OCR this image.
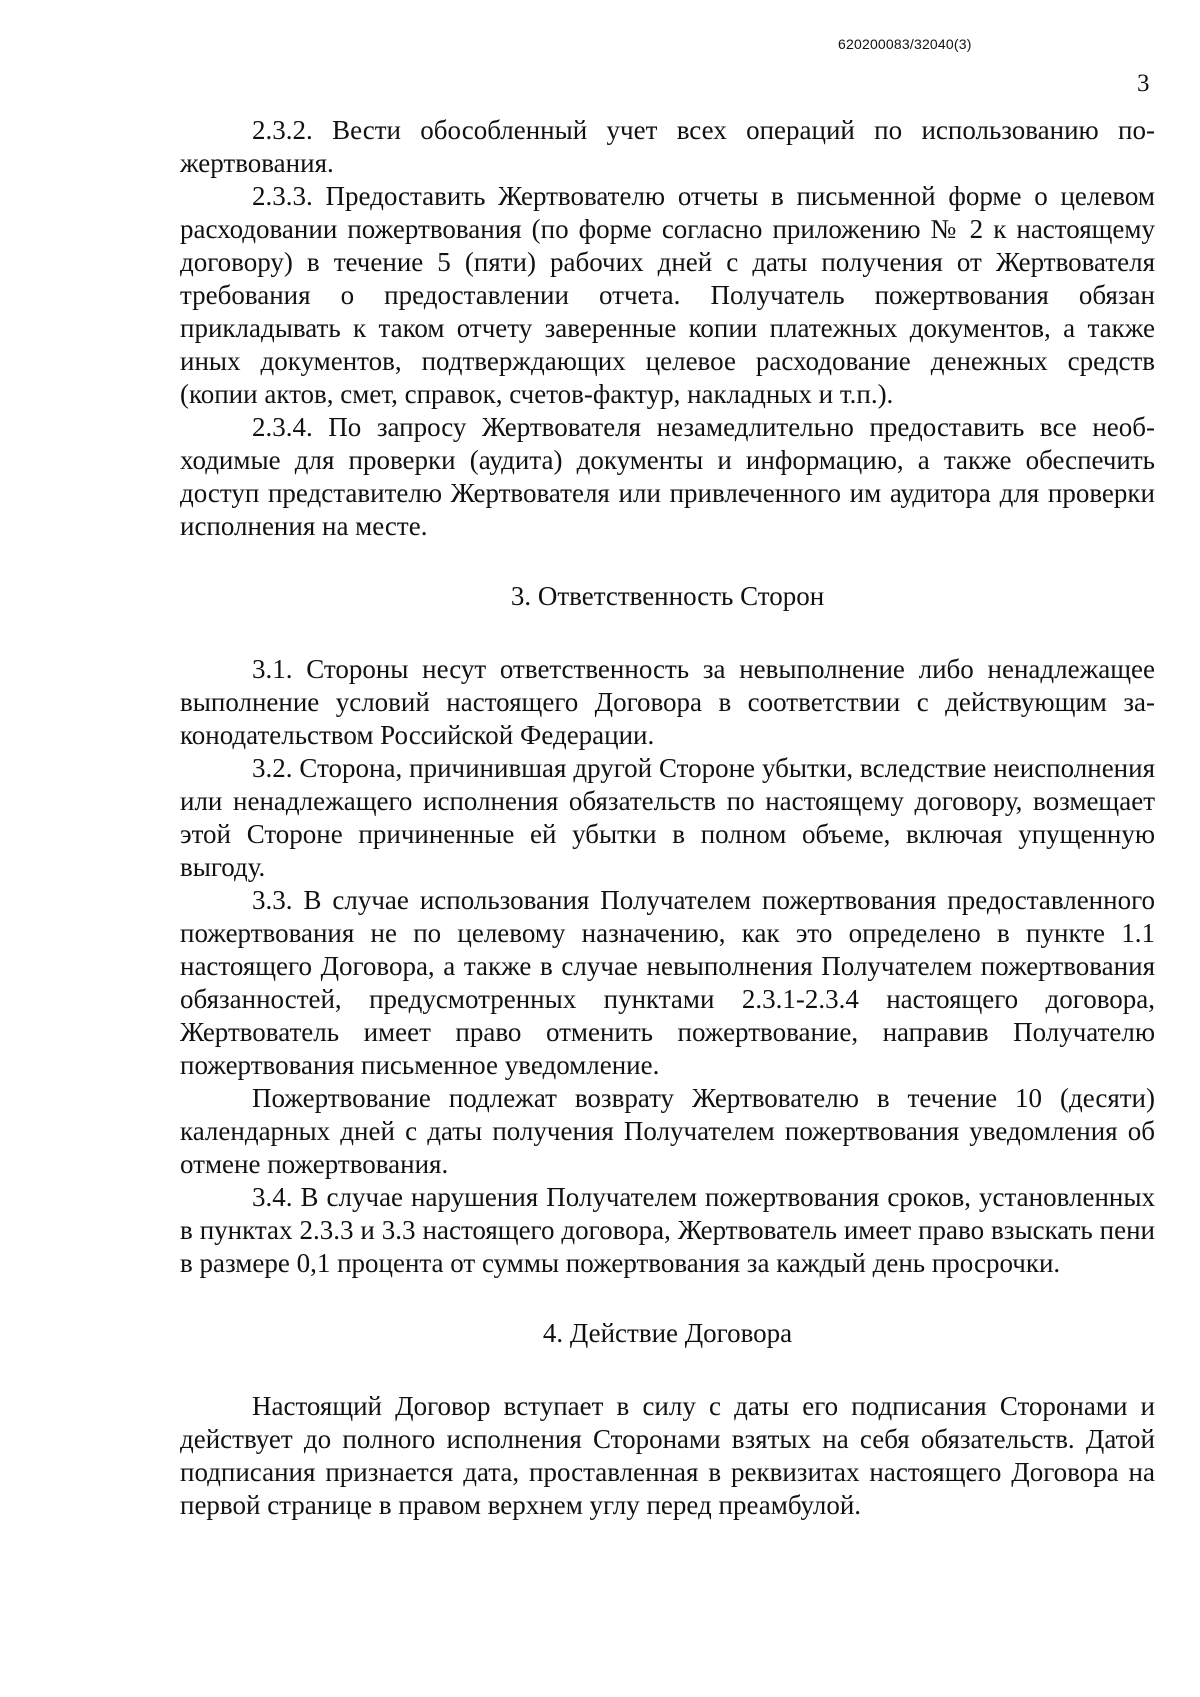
620200083/32040(3)
3

2.3.2. Вести обособленный учет всех операций по использованию пожертвования.

2.3.3. Предоставить Жертвователю отчеты в письменной форме о целевом расходовании пожертвования (по форме согласно приложению № 2 к настоящему договору) в течение 5 (пяти) рабочих дней с даты получения от Жертвователя требования о предоставлении отчета. Получатель пожертвования обязан прикладывать к таком отчету заверенные копии платежных документов, а также иных документов, подтверждающих целевое расходование денежных средств (копии актов, смет, справок, счетов-фактур, накладных и т.п.).

2.3.4. По запросу Жертвователя незамедлительно предоставить все необходимые для проверки (аудита) документы и информацию, а также обеспечить доступ представителю Жертвователя или привлеченного им аудитора для проверки исполнения на месте.

3. Ответственность Сторон

3.1. Стороны несут ответственность за невыполнение либо ненадлежащее выполнение условий настоящего Договора в соответствии с действующим законодательством Российской Федерации.

3.2. Сторона, причинившая другой Стороне убытки, вследствие неисполнения или ненадлежащего исполнения обязательств по настоящему договору, возмещает этой Стороне причиненные ей убытки в полном объеме, включая упущенную выгоду.

3.3. В случае использования Получателем пожертвования предоставленного пожертвования не по целевому назначению, как это определено в пункте 1.1 настоящего Договора, а также в случае невыполнения Получателем пожертвования обязанностей, предусмотренных пунктами 2.3.1-2.3.4 настоящего договора, Жертвователь имеет право отменить пожертвование, направив Получателю пожертвования письменное уведомление.

Пожертвование подлежат возврату Жертвователю в течение 10 (десяти) календарных дней с даты получения Получателем пожертвования уведомления об отмене пожертвования.

3.4. В случае нарушения Получателем пожертвования сроков, установленных в пунктах 2.3.3 и 3.3 настоящего договора, Жертвователь имеет право взыскать пени в размере 0,1 процента от суммы пожертвования за каждый день просрочки.

4. Действие Договора

Настоящий Договор вступает в силу с даты его подписания Сторонами и действует до полного исполнения Сторонами взятых на себя обязательств. Датой подписания признается дата, проставленная в реквизитах настоящего Договора на первой странице в правом верхнем углу перед преамбулой.
